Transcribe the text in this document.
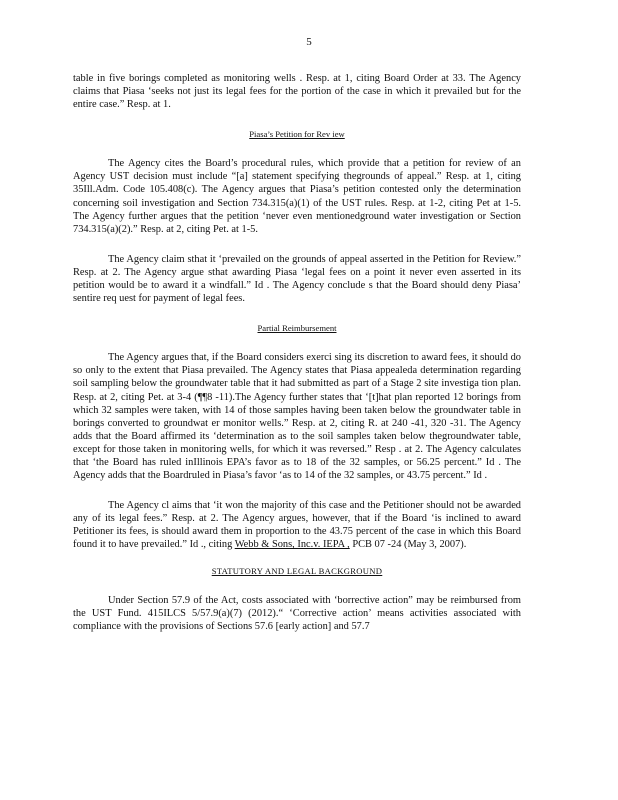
5

table in five borings completed as monitoring wells . Resp. at 1, citing Board Order at 33. The Agency claims that Piasa ‘seeks not just its legal fees for the portion of the case in which it prevailed but for the entire case.” Resp. at 1.

Piasa’s Petition for Rev iew

The Agency cites the Board’s procedural rules, which provide that a petition for review of an Agency UST decision must include “[a] statement specifying thegrounds of appeal.” Resp. at 1, citing 35Ill.Adm. Code 105.408(c). The Agency argues that Piasa’s petition contested only the determination concerning soil investigation and Section 734.315(a)(1) of the UST rules. Resp. at 1-2, citing Pet at 1-5. The Agency further argues that the petition ‘never even mentionedground water investigation or Section 734.315(a)(2).” Resp. at 2, citing Pet. at 1-5.

The Agency claim sthat it ‘prevailed on the grounds of appeal asserted in the Petition for Review.” Resp. at 2. The Agency argue sthat awarding Piasa ‘legal fees on a point it never even asserted in its petition would be to award it a windfall.” Id . The Agency conclude s that the Board should deny Piasa’ sentire req uest for payment of legal fees.

Partial Reimbursement

The Agency argues that, if the Board considers exerci sing its discretion to award fees, it should do so only to the extent that Piasa prevailed. The Agency states that Piasa appealeda determination regarding soil sampling below the groundwater table that it had submitted as part of a Stage 2 site investiga tion plan. Resp. at 2, citing Pet. at 3-4 (¶¶8 -11).The Agency further states that ‘[t]hat plan reported 12 borings from which 32 samples were taken, with 14 of those samples having been taken below the groundwater table in borings converted to groundwat er monitor wells.” Resp. at 2, citing R. at 240 -41, 320 -31. The Agency adds that the Board affirmed its ‘determination as to the soil samples taken below thegroundwater table, except for those taken in monitoring wells, for which it was reversed.” Resp . at 2. The Agency calculates that ‘the Board has ruled inIllinois EPA’s favor as to 18 of the 32 samples, or 56.25 percent.” Id . The Agency adds that the Boardruled in Piasa’s favor ‘as to 14 of the 32 samples, or 43.75 percent.” Id .

The Agency cl aims that ‘it won the majority of this case and the Petitioner should not be awarded any of its legal fees.” Resp. at 2. The Agency argues, however, that if the Board ‘is inclined to award Petitioner its fees, is should award them in proportion to the 43.75 percent of the case in which this Board found it to have prevailed.” Id ., citing Webb & Sons, Inc.v. IEPA , PCB 07 -24 (May 3, 2007).

STATUTORY AND LEGAL BACKGROUND

Under Section 57.9 of the Act, costs associated with ‘borrective action” may be reimbursed from the UST Fund. 415ILCS 5/57.9(a)(7) (2012).“ ‘Corrective action’ means activities associated with compliance with the provisions of Sections 57.6 [early action] and 57.7
